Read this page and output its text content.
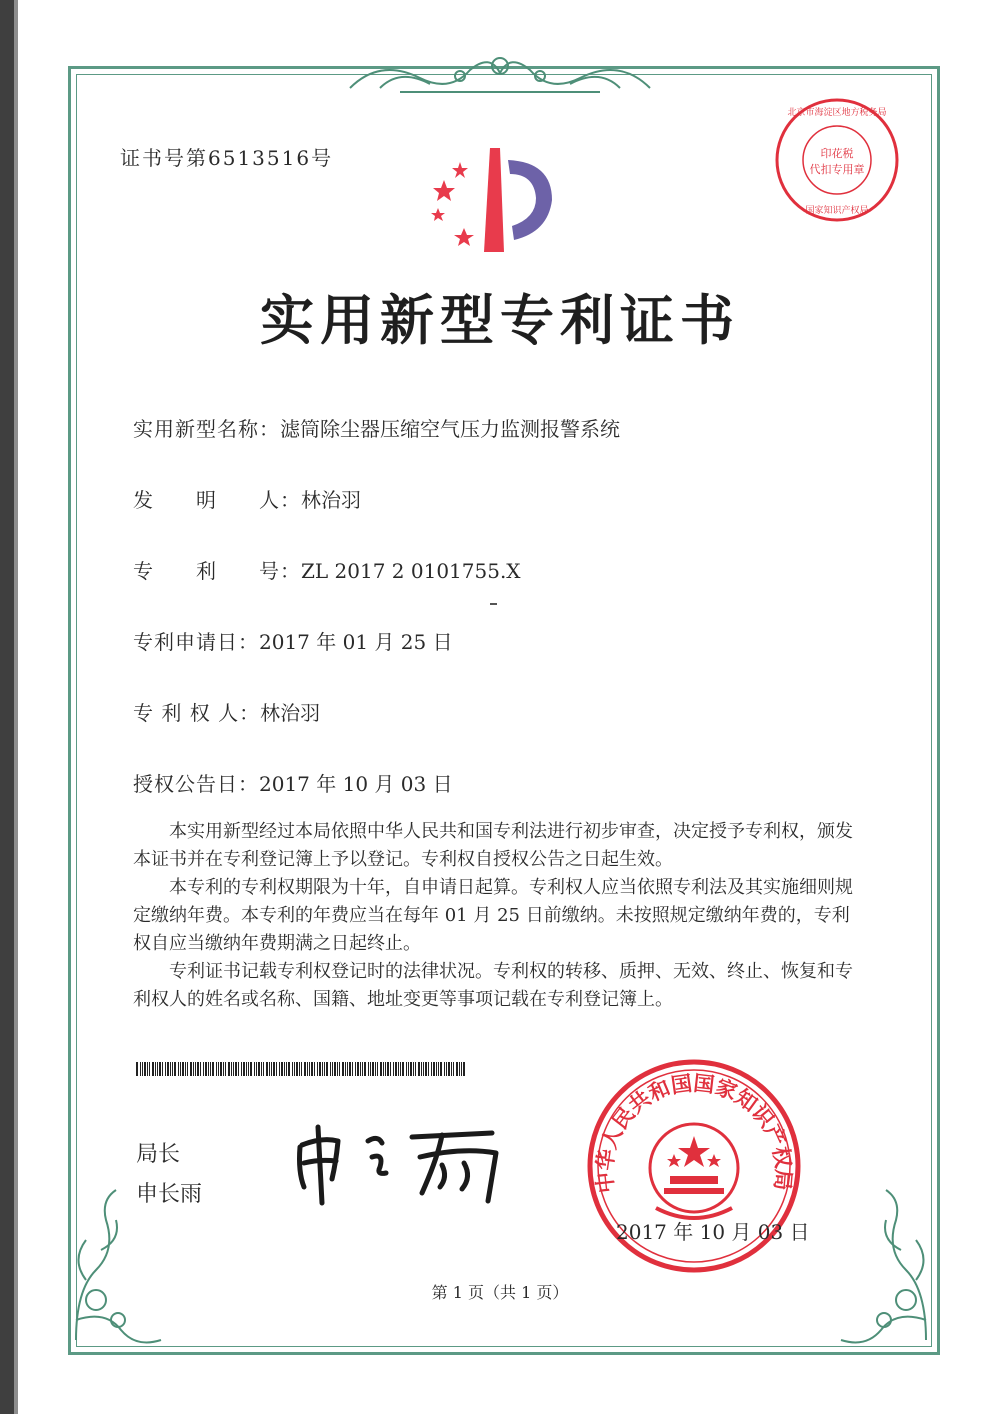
证书号第6513516号	印花税
代扣专用章
北京市海淀区地方税务局
国家知识产权局
实用新型专利证书
实用新型名称：滤筒除尘器压缩空气压力监测报警系统
发　　明　　人：林治羽
专　　利　　号：ZL 2017 2 0101755.X
专利申请日：2017 年 01 月 25 日
专 利 权 人：林治羽
授权公告日：2017 年 10 月 03 日

本实用新型经过本局依照中华人民共和国专利法进行初步审查，决定授予专利权，颁发本证书并在专利登记簿上予以登记。专利权自授权公告之日起生效。

本专利的专利权期限为十年，自申请日起算。专利权人应当依照专利法及其实施细则规定缴纳年费。本专利的年费应当在每年 01 月 25 日前缴纳。未按照规定缴纳年费的，专利权自应当缴纳年费期满之日起终止。

专利证书记载专利权登记时的法律状况。专利权的转移、质押、无效、终止、恢复和专利权人的姓名或名称、国籍、地址变更等事项记载在专利登记簿上。

局长
申长雨	中华人民共和国国家知识产权局
2017 年 10 月 03 日
第 1 页（共 1 页）
